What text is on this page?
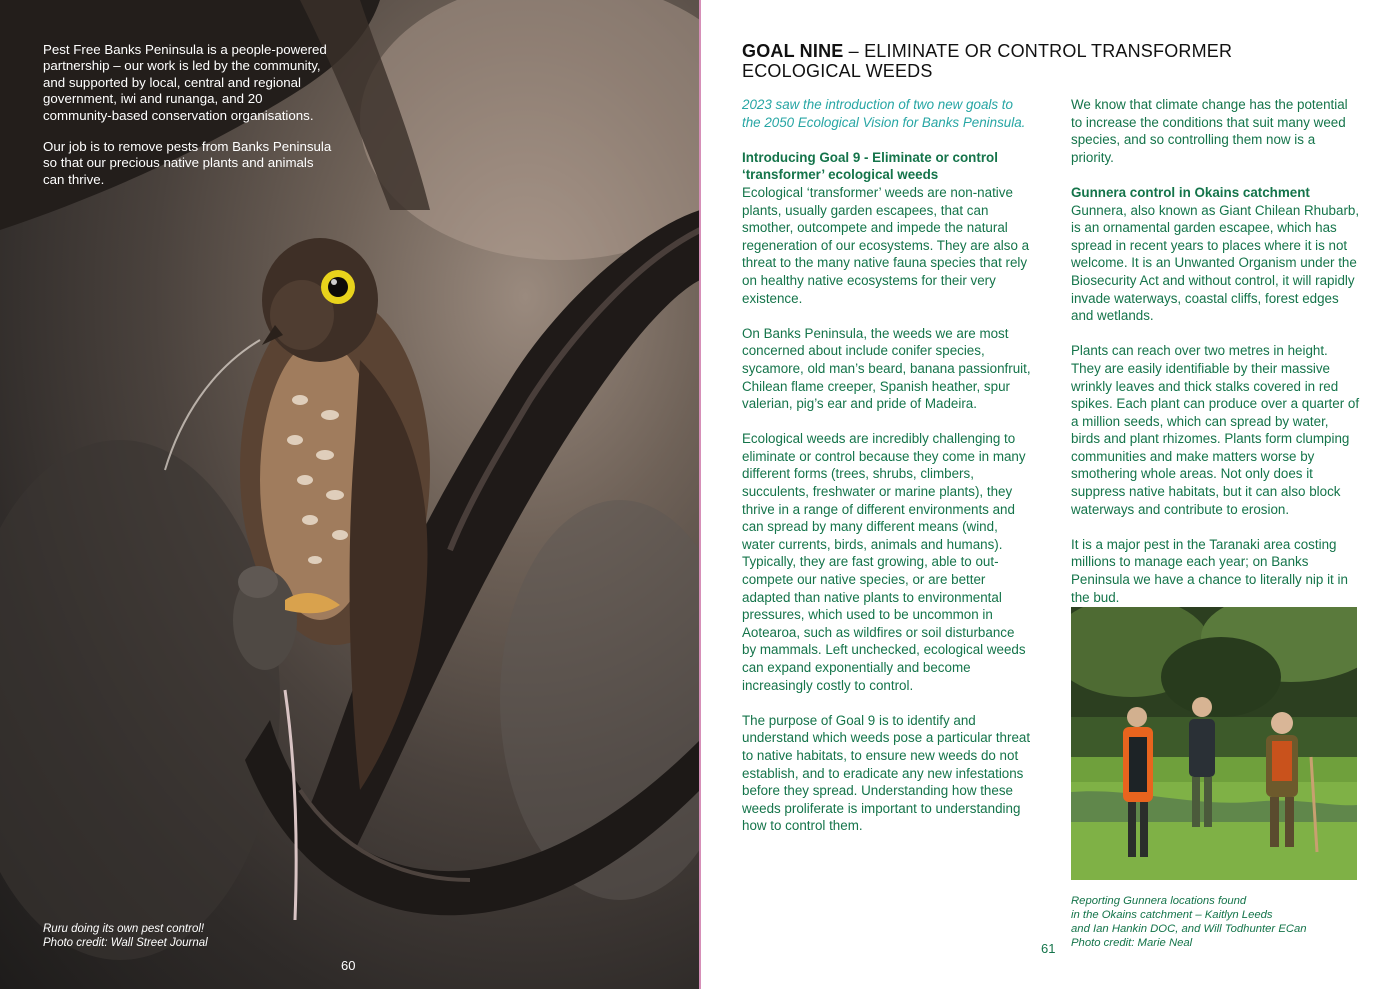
Pest Free Banks Peninsula is a people-powered partnership – our work is led by the community, and supported by local, central and regional government, iwi and runanga, and 20 community-based conservation organisations.

Our job is to remove pests from Banks Peninsula so that our precious native plants and animals can thrive.

Ruru doing its own pest control!
Photo credit: Wall Street Journal
60
GOAL NINE – ELIMINATE OR CONTROL TRANSFORMER ECOLOGICAL WEEDS

2023 saw the introduction of two new goals to the 2050 Ecological Vision for Banks Peninsula.

Introducing Goal 9 - Eliminate or control ‘transformer’ ecological weeds
Ecological ‘transformer’ weeds are non-native plants, usually garden escapees, that can smother, outcompete and impede the natural regeneration of our ecosystems. They are also a threat to the many native fauna species that rely on healthy native ecosystems for their very existence.

On Banks Peninsula, the weeds we are most concerned about include conifer species, sycamore, old man’s beard, banana passionfruit, Chilean flame creeper, Spanish heather, spur valerian, pig’s ear and pride of Madeira.

Ecological weeds are incredibly challenging to eliminate or control because they come in many different forms (trees, shrubs, climbers, succulents, freshwater or marine plants), they thrive in a range of different environments and can spread by many different means (wind, water currents, birds, animals and humans). Typically, they are fast growing, able to out-compete our native species, or are better adapted than native plants to environmental pressures, which used to be uncommon in Aotearoa, such as wildfires or soil disturbance by mammals. Left unchecked, ecological weeds can expand exponentially and become increasingly costly to control.

The purpose of Goal 9 is to identify and understand which weeds pose a particular threat to native habitats, to ensure new weeds do not establish, and to eradicate any new infestations before they spread. Understanding how these weeds proliferate is important to understanding how to control them.

We know that climate change has the potential to increase the conditions that suit many weed species, and so controlling them now is a priority.

Gunnera control in Okains catchment
Gunnera, also known as Giant Chilean Rhubarb, is an ornamental garden escapee, which has spread in recent years to places where it is not welcome. It is an Unwanted Organism under the Biosecurity Act and without control, it will rapidly invade waterways, coastal cliffs, forest edges and wetlands.

Plants can reach over two metres in height. They are easily identifiable by their massive wrinkly leaves and thick stalks covered in red spikes. Each plant can produce over a quarter of a million seeds, which can spread by water, birds and plant rhizomes. Plants form clumping communities and make matters worse by smothering whole areas. Not only does it suppress native habitats, but it can also block waterways and contribute to erosion.

It is a major pest in the Taranaki area costing millions to manage each year; on Banks Peninsula we have a chance to literally nip it in the bud.

Reporting Gunnera locations found
in the Okains catchment – Kaitlyn Leeds
and Ian Hankin DOC, and Will Todhunter ECan
Photo credit: Marie Neal
61
